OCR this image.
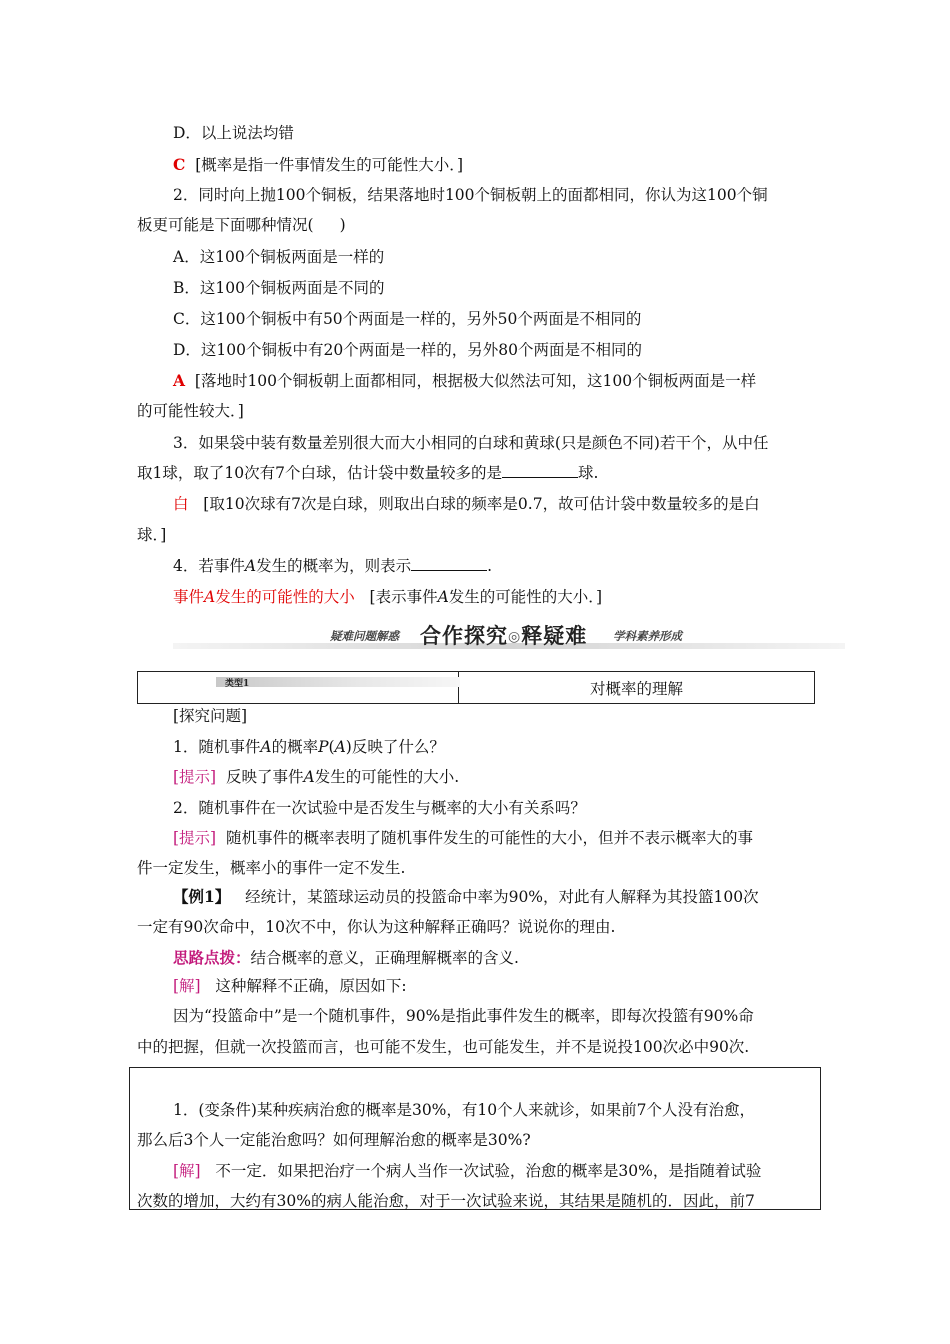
D．以上说法均错
C [概率是指一件事情发生的可能性大小．]
2．同时向上抛100个铜板，结果落地时100个铜板朝上的面都相同，你认为这100个铜
板更可能是下面哪种情况( )
A．这100个铜板两面是一样的
B．这100个铜板两面是不同的
C．这100个铜板中有50个两面是一样的，另外50个两面是不相同的
D．这100个铜板中有20个两面是一样的，另外80个两面是不相同的
A [落地时100个铜板朝上面都相同，根据极大似然法可知，这100个铜板两面是一样
的可能性较大．]
3．如果袋中装有数量差别很大而大小相同的白球和黄球(只是颜色不同)若干个，从中任
取1球，取了10次有7个白球，估计袋中数量较多的是	球.
白 [取10次球有7次是白球，则取出白球的频率是0.7，故可估计袋中数量较多的是白
球．]
4．若事件A发生的概率为，则表示	.
事件A发生的可能性的大小 [表示事件A发生的可能性的大小．]
疑难问题解惑 合作探究◎释疑难 学科素养形成
类型1	对概率的理解
[探究问题]
1．随机事件A的概率P(A)反映了什么？
[提示] 反映了事件A发生的可能性的大小.
2．随机事件在一次试验中是否发生与概率的大小有关系吗？
[提示] 随机事件的概率表明了随机事件发生的可能性的大小，但并不表示概率大的事
件一定发生，概率小的事件一定不发生.
【例1】 经统计，某篮球运动员的投篮命中率为90%，对此有人解释为其投篮100次
一定有90次命中，10次不中，你认为这种解释正确吗？说说你的理由.
思路点拨：结合概率的意义，正确理解概率的含义.
[解] 这种解释不正确，原因如下:
因为“投篮命中”是一个随机事件，90%是指此事件发生的概率，即每次投篮有90%命
中的把握，但就一次投篮而言，也可能不发生，也可能发生，并不是说投100次必中90次.
1．(变条件)某种疾病治愈的概率是30%，有10个人来就诊，如果前7个人没有治愈，
那么后3个人一定能治愈吗？如何理解治愈的概率是30%?
[解] 不一定．如果把治疗一个病人当作一次试验，治愈的概率是30%，是指随着试验
次数的增加，大约有30%的病人能治愈，对于一次试验来说，其结果是随机的．因此，前7
